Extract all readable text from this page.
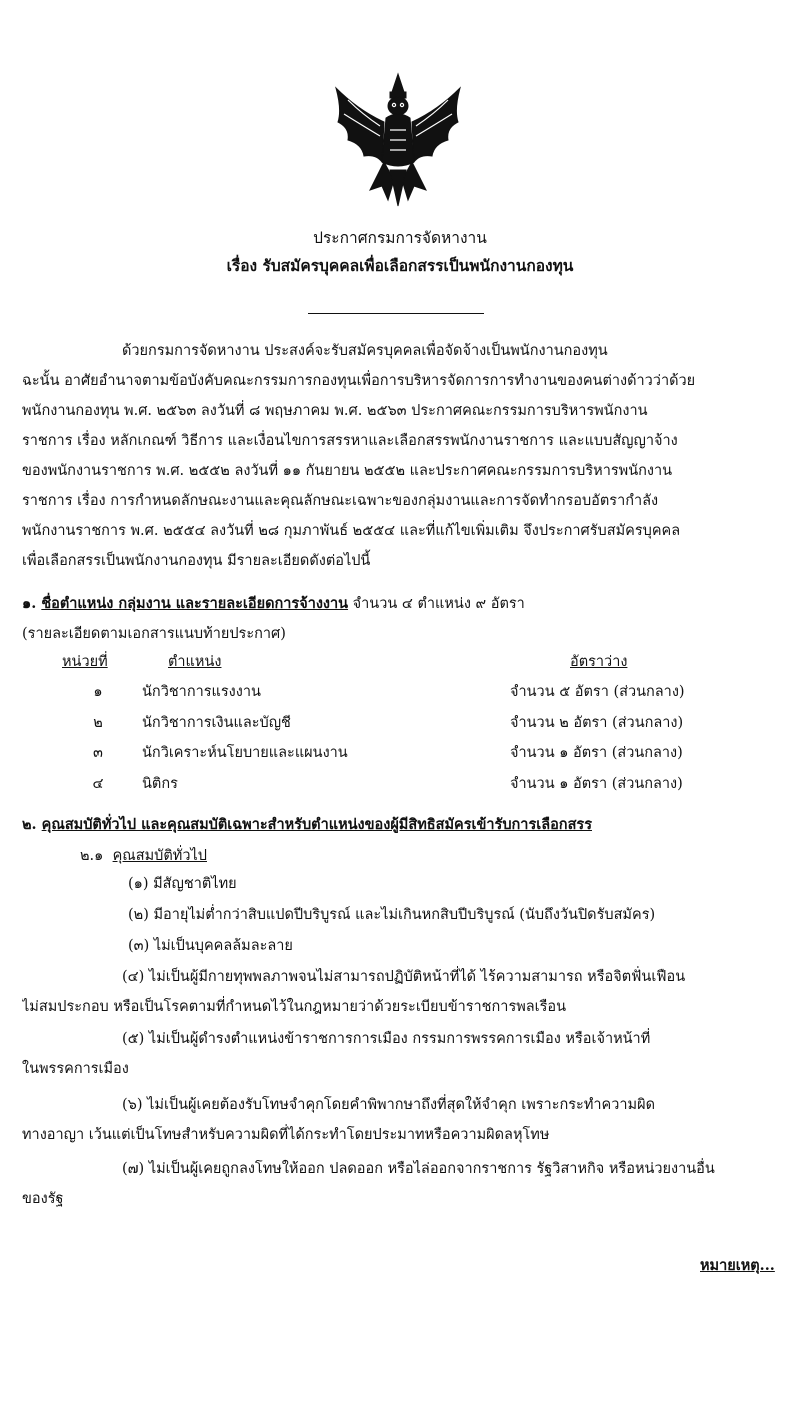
ประกาศกรมการจัดหางาน
เรื่อง รับสมัครบุคคลเพื่อเลือกสรรเป็นพนักงานกองทุน
ด้วยกรมการจัดหางาน ประสงค์จะรับสมัครบุคคลเพื่อจัดจ้างเป็นพนักงานกองทุน
ฉะนั้น อาศัยอำนาจตามข้อบังคับคณะกรรมการกองทุนเพื่อการบริหารจัดการการทำงานของคนต่างด้าวว่าด้วย
พนักงานกองทุน พ.ศ. ๒๕๖๓ ลงวันที่ ๘ พฤษภาคม พ.ศ. ๒๕๖๓ ประกาศคณะกรรมการบริหารพนักงาน
ราชการ เรื่อง หลักเกณฑ์ วิธีการ และเงื่อนไขการสรรหาและเลือกสรรพนักงานราชการ และแบบสัญญาจ้าง
ของพนักงานราชการ พ.ศ. ๒๕๕๒ ลงวันที่ ๑๑ กันยายน ๒๕๕๒ และประกาศคณะกรรมการบริหารพนักงาน
ราชการ เรื่อง การกำหนดลักษณะงานและคุณลักษณะเฉพาะของกลุ่มงานและการจัดทำกรอบอัตรากำลัง
พนักงานราชการ พ.ศ. ๒๕๕๔ ลงวันที่ ๒๘ กุมภาพันธ์ ๒๕๕๔ และที่แก้ไขเพิ่มเติม จึงประกาศรับสมัครบุคคล
เพื่อเลือกสรรเป็นพนักงานกองทุน มีรายละเอียดดังต่อไปนี้
๑. ชื่อตำแหน่ง กลุ่มงาน และรายละเอียดการจ้างงาน จำนวน ๔ ตำแหน่ง ๙ อัตรา
(รายละเอียดตามเอกสารแนบท้ายประกาศ)
หน่วยที่	ตำแหน่ง	อัตราว่าง
๑	นักวิชาการแรงงาน	จำนวน ๕ อัตรา (ส่วนกลาง)
๒	นักวิชาการเงินและบัญชี	จำนวน ๒ อัตรา (ส่วนกลาง)
๓	นักวิเคราะห์นโยบายและแผนงาน	จำนวน ๑ อัตรา (ส่วนกลาง)
๔	นิติกร	จำนวน ๑ อัตรา (ส่วนกลาง)
๒. คุณสมบัติทั่วไป และคุณสมบัติเฉพาะสำหรับตำแหน่งของผู้มีสิทธิสมัครเข้ารับการเลือกสรร
๒.๑ คุณสมบัติทั่วไป
(๑) มีสัญชาติไทย
(๒) มีอายุไม่ต่ำกว่าสิบแปดปีบริบูรณ์ และไม่เกินหกสิบปีบริบูรณ์ (นับถึงวันปิดรับสมัคร)
(๓) ไม่เป็นบุคคลล้มละลาย
(๔) ไม่เป็นผู้มีกายทุพพลภาพจนไม่สามารถปฏิบัติหน้าที่ได้ ไร้ความสามารถ หรือจิตฟั่นเฟือน
ไม่สมประกอบ หรือเป็นโรคตามที่กำหนดไว้ในกฎหมายว่าด้วยระเบียบข้าราชการพลเรือน
(๕) ไม่เป็นผู้ดำรงตำแหน่งข้าราชการการเมือง กรรมการพรรคการเมือง หรือเจ้าหน้าที่
ในพรรคการเมือง
(๖) ไม่เป็นผู้เคยต้องรับโทษจำคุกโดยคำพิพากษาถึงที่สุดให้จำคุก เพราะกระทำความผิด
ทางอาญา เว้นแต่เป็นโทษสำหรับความผิดที่ได้กระทำโดยประมาทหรือความผิดลหุโทษ
(๗) ไม่เป็นผู้เคยถูกลงโทษให้ออก ปลดออก หรือไล่ออกจากราชการ รัฐวิสาหกิจ หรือหน่วยงานอื่น
ของรัฐ
หมายเหตุ...
